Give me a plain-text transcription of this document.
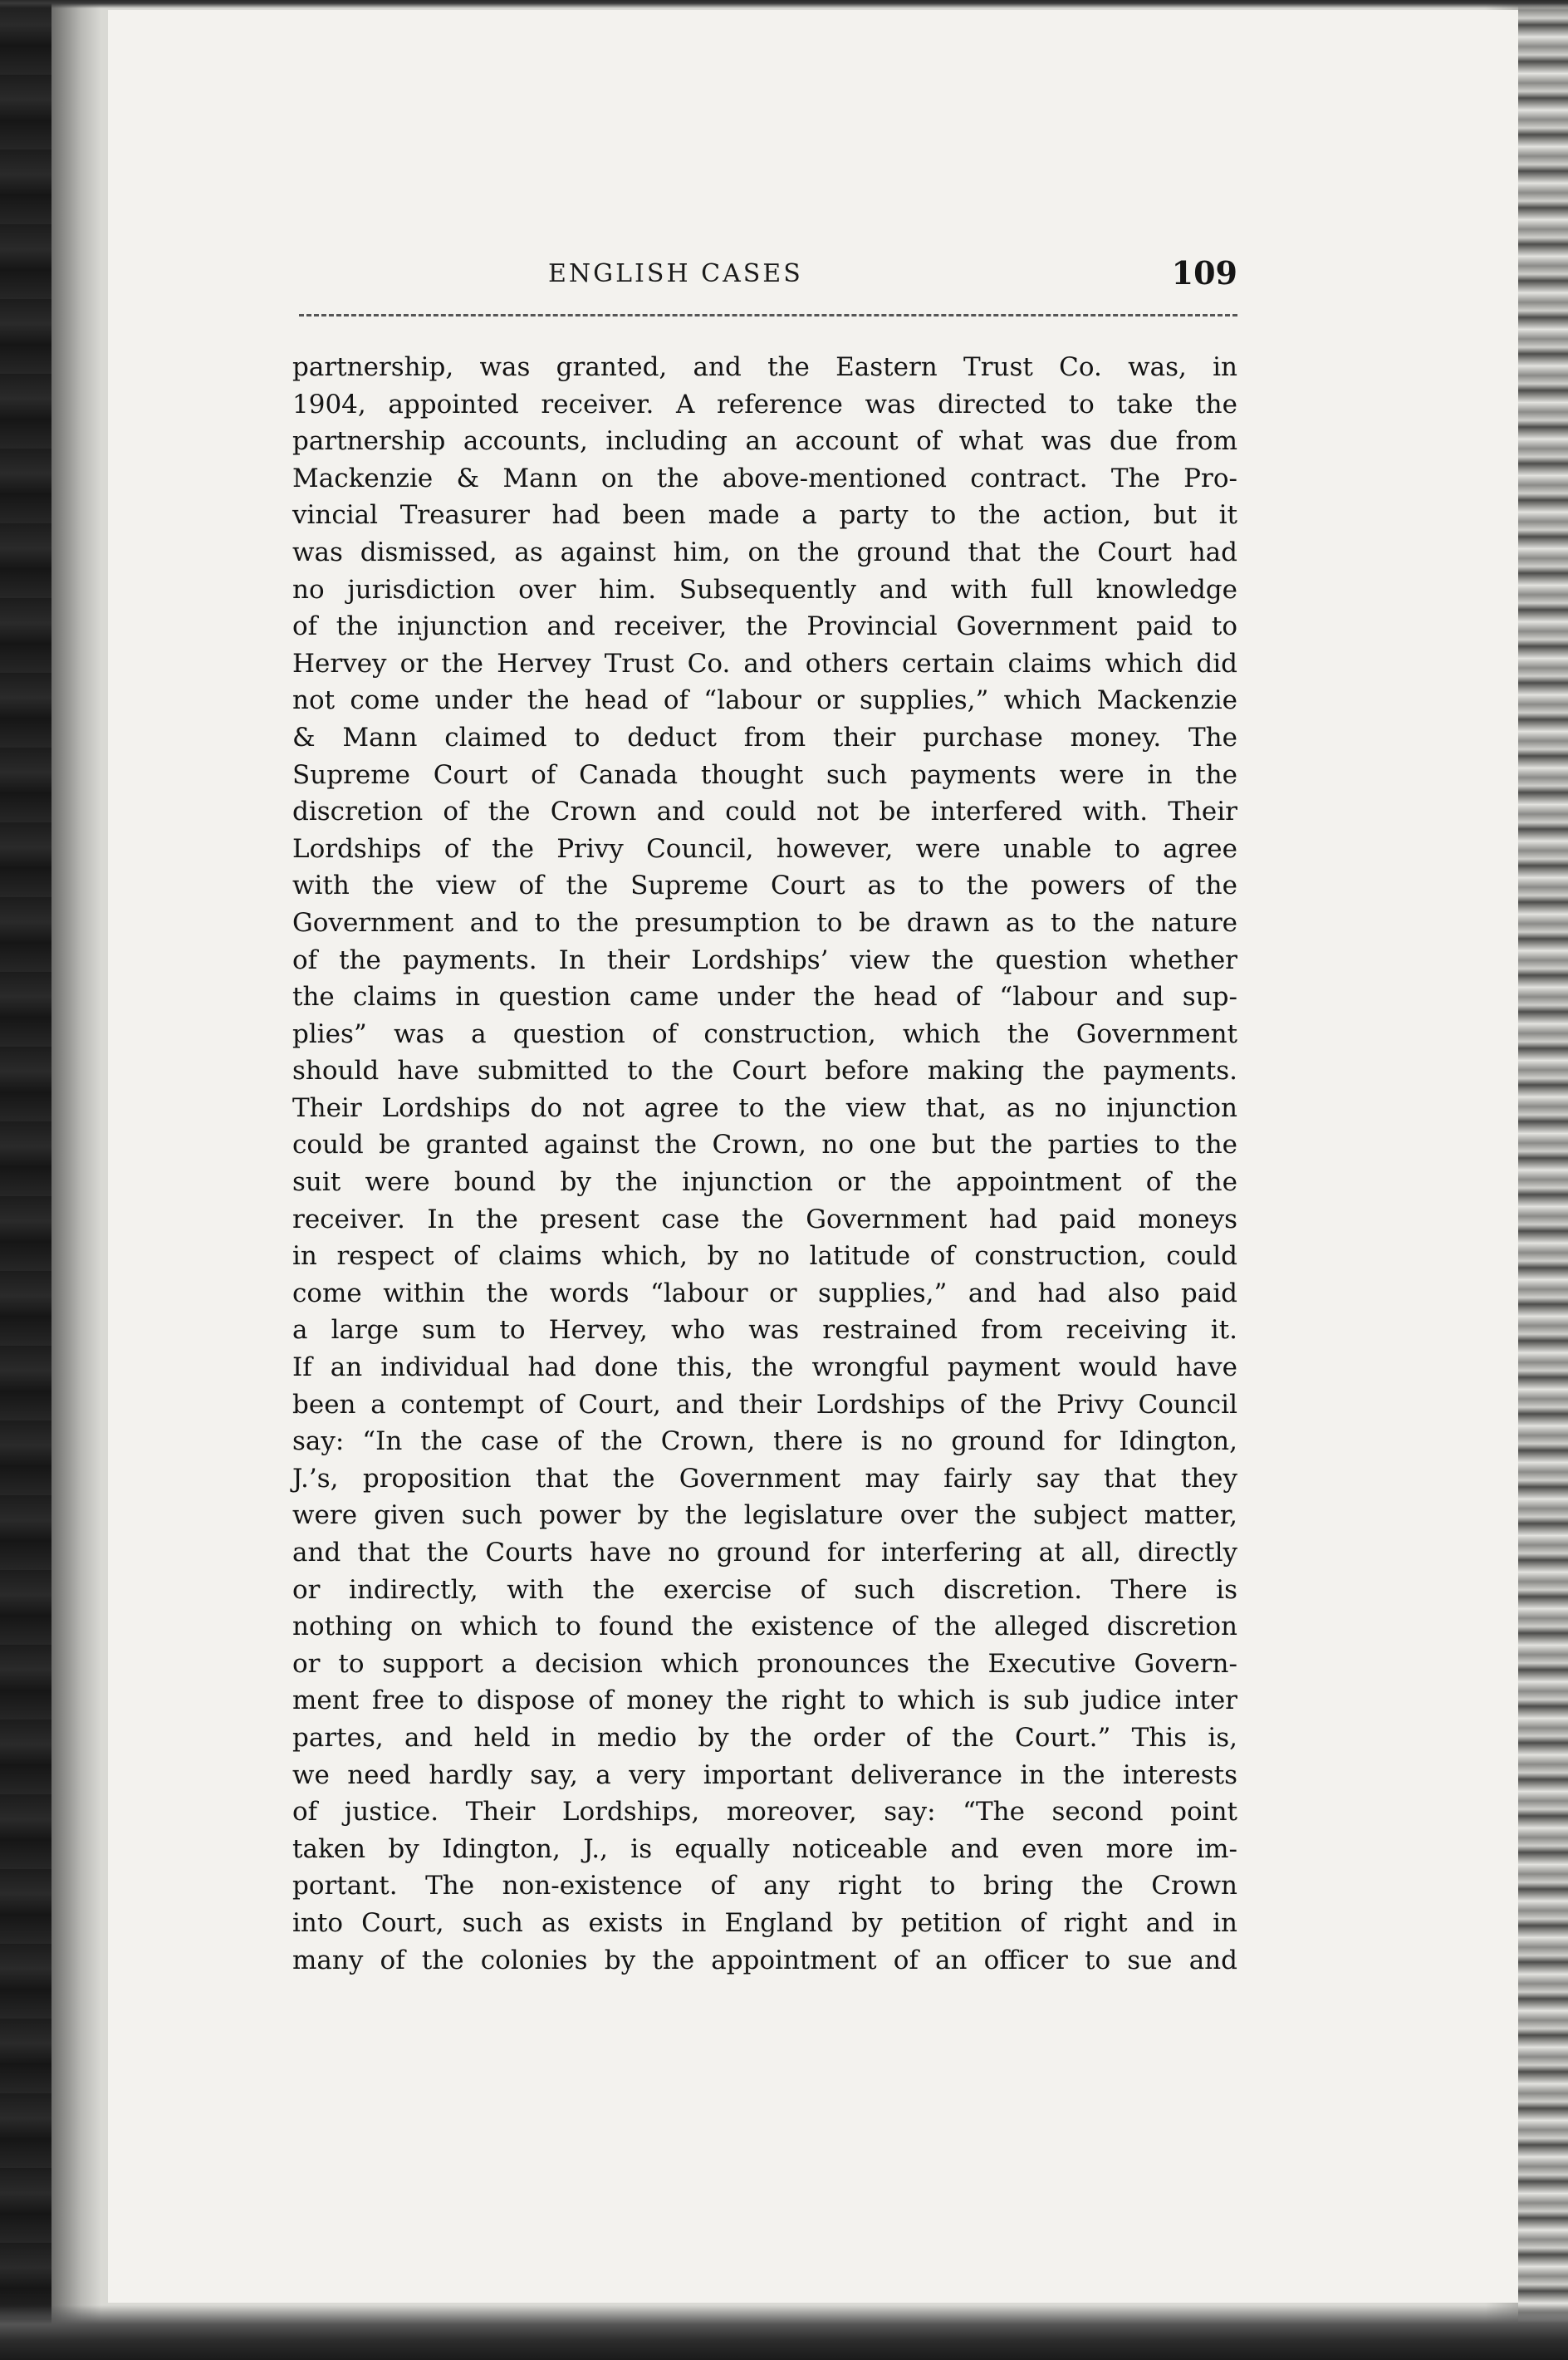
ENGLISH CASES	109
partnership, was granted, and the Eastern Trust Co. was, in
1904, appointed receiver. A reference was directed to take the
partnership accounts, including an account of what was due from
Mackenzie & Mann on the above-mentioned contract. The Pro-
vincial Treasurer had been made a party to the action, but it
was dismissed, as against him, on the ground that the Court had
no jurisdiction over him. Subsequently and with full knowledge
of the injunction and receiver, the Provincial Government paid to
Hervey or the Hervey Trust Co. and others certain claims which did
not come under the head of “labour or supplies,” which Mackenzie
& Mann claimed to deduct from their purchase money. The
Supreme Court of Canada thought such payments were in the
discretion of the Crown and could not be interfered with. Their
Lordships of the Privy Council, however, were unable to agree
with the view of the Supreme Court as to the powers of the
Government and to the presumption to be drawn as to the nature
of the payments. In their Lordships’ view the question whether
the claims in question came under the head of “labour and sup-
plies” was a question of construction, which the Government
should have submitted to the Court before making the payments.
Their Lordships do not agree to the view that, as no injunction
could be granted against the Crown, no one but the parties to the
suit were bound by the injunction or the appointment of the
receiver. In the present case the Government had paid moneys
in respect of claims which, by no latitude of construction, could
come within the words “labour or supplies,” and had also paid
a large sum to Hervey, who was restrained from receiving it.
If an individual had done this, the wrongful payment would have
been a contempt of Court, and their Lordships of the Privy Council
say: “In the case of the Crown, there is no ground for Idington,
J.’s, proposition that the Government may fairly say that they
were given such power by the legislature over the subject matter,
and that the Courts have no ground for interfering at all, directly
or indirectly, with the exercise of such discretion. There is
nothing on which to found the existence of the alleged discretion
or to support a decision which pronounces the Executive Govern-
ment free to dispose of money the right to which is sub judice inter
partes, and held in medio by the order of the Court.” This is,
we need hardly say, a very important deliverance in the interests
of justice. Their Lordships, moreover, say: “The second point
taken by Idington, J., is equally noticeable and even more im-
portant. The non-existence of any right to bring the Crown
into Court, such as exists in England by petition of right and in
many of the colonies by the appointment of an officer to sue and
